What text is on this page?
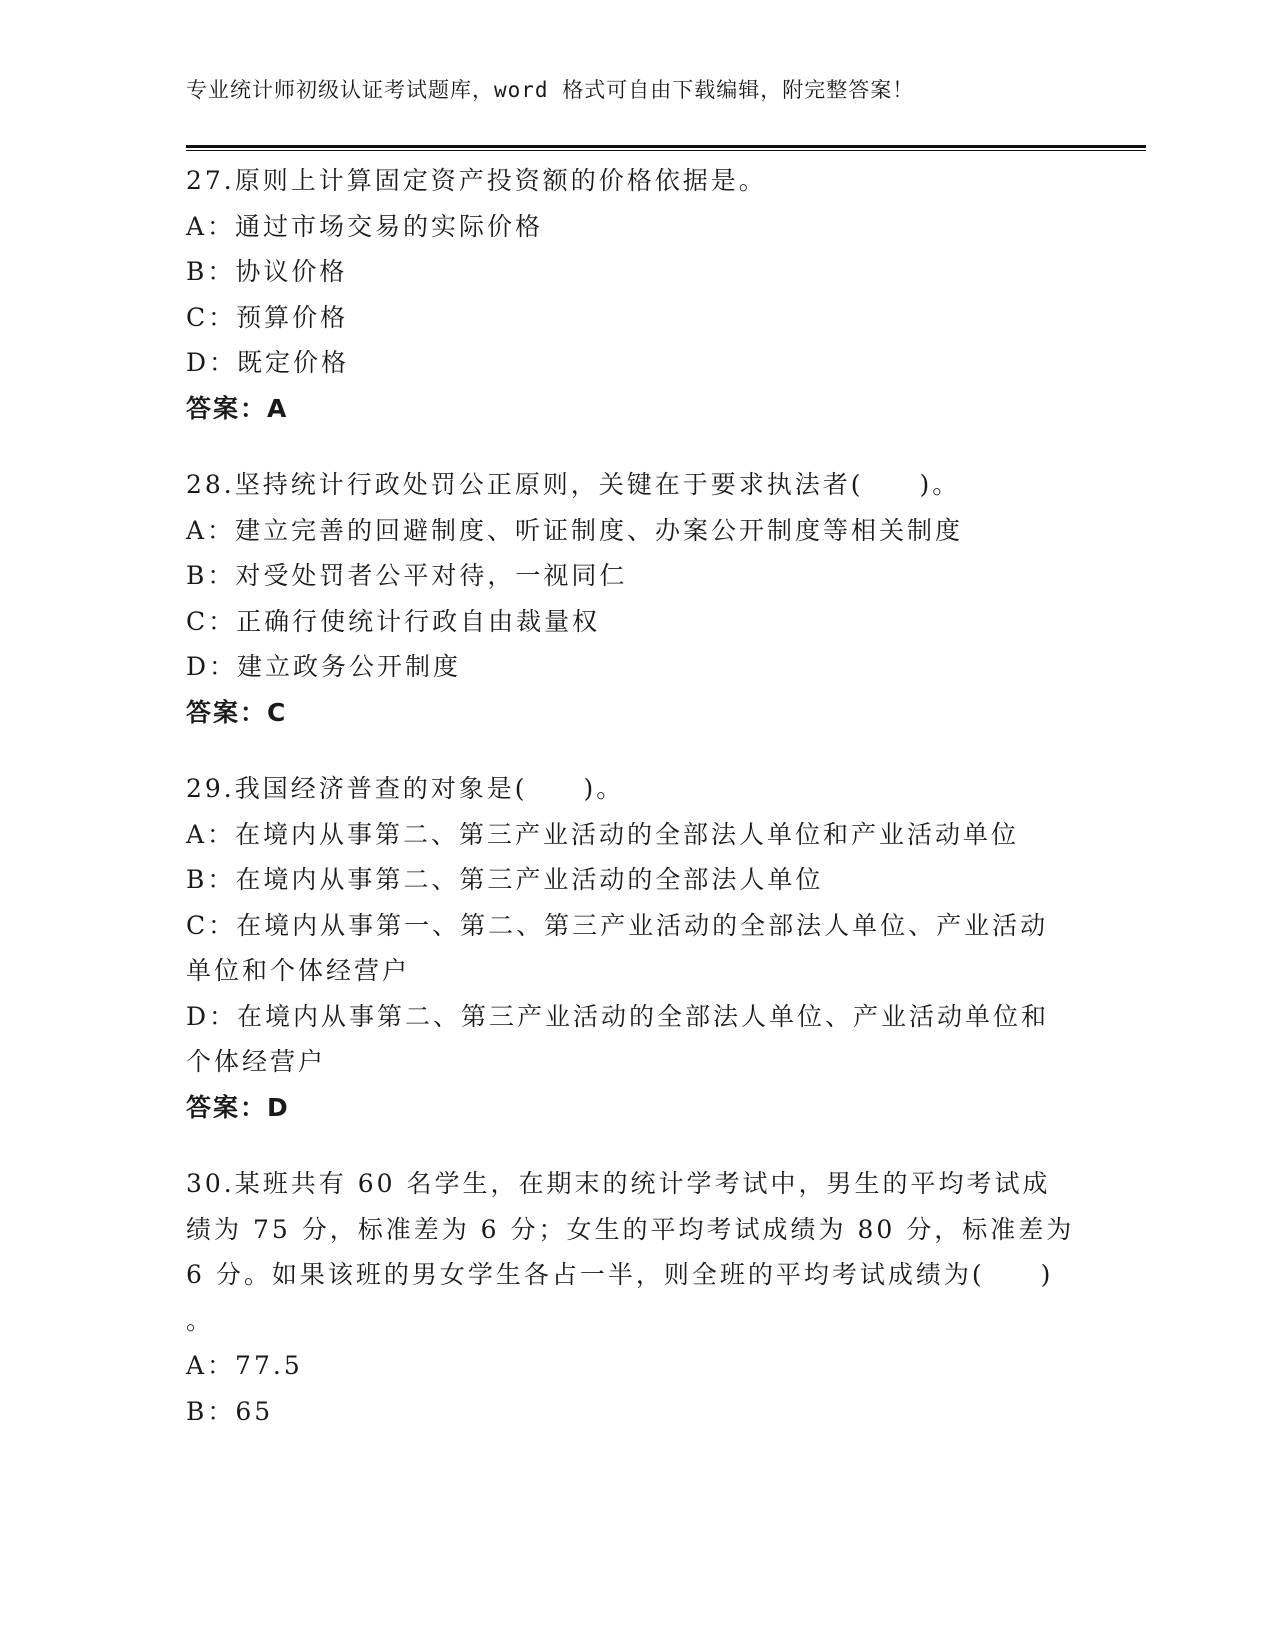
专业统计师初级认证考试题库，word 格式可自由下载编辑，附完整答案！
27.原则上计算固定资产投资额的价格依据是。
A：通过市场交易的实际价格
B：协议价格
C：预算价格
D：既定价格
答案：A
28.坚持统计行政处罚公正原则，关键在于要求执法者(　　)。
A：建立完善的回避制度、听证制度、办案公开制度等相关制度
B：对受处罚者公平对待，一视同仁
C：正确行使统计行政自由裁量权
D：建立政务公开制度
答案：C
29.我国经济普查的对象是(　　)。
A：在境内从事第二、第三产业活动的全部法人单位和产业活动单位
B：在境内从事第二、第三产业活动的全部法人单位
C：在境内从事第一、第二、第三产业活动的全部法人单位、产业活动
单位和个体经营户
D：在境内从事第二、第三产业活动的全部法人单位、产业活动单位和
个体经营户
答案：D
30.某班共有 60 名学生，在期末的统计学考试中，男生的平均考试成
绩为 75 分，标准差为 6 分；女生的平均考试成绩为 80 分，标准差为
6 分。如果该班的男女学生各占一半，则全班的平均考试成绩为(　　)
。
A：77.5
B：65
